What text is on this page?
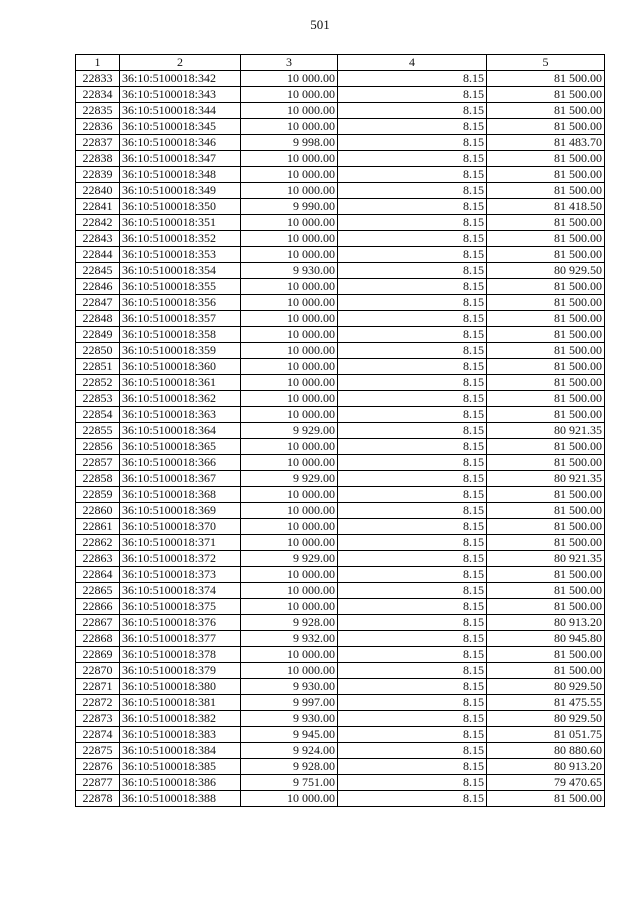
501
1	2	3	4	5
22833	36:10:5100018:342	10 000.00	8.15	81 500.00
22834	36:10:5100018:343	10 000.00	8.15	81 500.00
22835	36:10:5100018:344	10 000.00	8.15	81 500.00
22836	36:10:5100018:345	10 000.00	8.15	81 500.00
22837	36:10:5100018:346	9 998.00	8.15	81 483.70
22838	36:10:5100018:347	10 000.00	8.15	81 500.00
22839	36:10:5100018:348	10 000.00	8.15	81 500.00
22840	36:10:5100018:349	10 000.00	8.15	81 500.00
22841	36:10:5100018:350	9 990.00	8.15	81 418.50
22842	36:10:5100018:351	10 000.00	8.15	81 500.00
22843	36:10:5100018:352	10 000.00	8.15	81 500.00
22844	36:10:5100018:353	10 000.00	8.15	81 500.00
22845	36:10:5100018:354	9 930.00	8.15	80 929.50
22846	36:10:5100018:355	10 000.00	8.15	81 500.00
22847	36:10:5100018:356	10 000.00	8.15	81 500.00
22848	36:10:5100018:357	10 000.00	8.15	81 500.00
22849	36:10:5100018:358	10 000.00	8.15	81 500.00
22850	36:10:5100018:359	10 000.00	8.15	81 500.00
22851	36:10:5100018:360	10 000.00	8.15	81 500.00
22852	36:10:5100018:361	10 000.00	8.15	81 500.00
22853	36:10:5100018:362	10 000.00	8.15	81 500.00
22854	36:10:5100018:363	10 000.00	8.15	81 500.00
22855	36:10:5100018:364	9 929.00	8.15	80 921.35
22856	36:10:5100018:365	10 000.00	8.15	81 500.00
22857	36:10:5100018:366	10 000.00	8.15	81 500.00
22858	36:10:5100018:367	9 929.00	8.15	80 921.35
22859	36:10:5100018:368	10 000.00	8.15	81 500.00
22860	36:10:5100018:369	10 000.00	8.15	81 500.00
22861	36:10:5100018:370	10 000.00	8.15	81 500.00
22862	36:10:5100018:371	10 000.00	8.15	81 500.00
22863	36:10:5100018:372	9 929.00	8.15	80 921.35
22864	36:10:5100018:373	10 000.00	8.15	81 500.00
22865	36:10:5100018:374	10 000.00	8.15	81 500.00
22866	36:10:5100018:375	10 000.00	8.15	81 500.00
22867	36:10:5100018:376	9 928.00	8.15	80 913.20
22868	36:10:5100018:377	9 932.00	8.15	80 945.80
22869	36:10:5100018:378	10 000.00	8.15	81 500.00
22870	36:10:5100018:379	10 000.00	8.15	81 500.00
22871	36:10:5100018:380	9 930.00	8.15	80 929.50
22872	36:10:5100018:381	9 997.00	8.15	81 475.55
22873	36:10:5100018:382	9 930.00	8.15	80 929.50
22874	36:10:5100018:383	9 945.00	8.15	81 051.75
22875	36:10:5100018:384	9 924.00	8.15	80 880.60
22876	36:10:5100018:385	9 928.00	8.15	80 913.20
22877	36:10:5100018:386	9 751.00	8.15	79 470.65
22878	36:10:5100018:388	10 000.00	8.15	81 500.00
